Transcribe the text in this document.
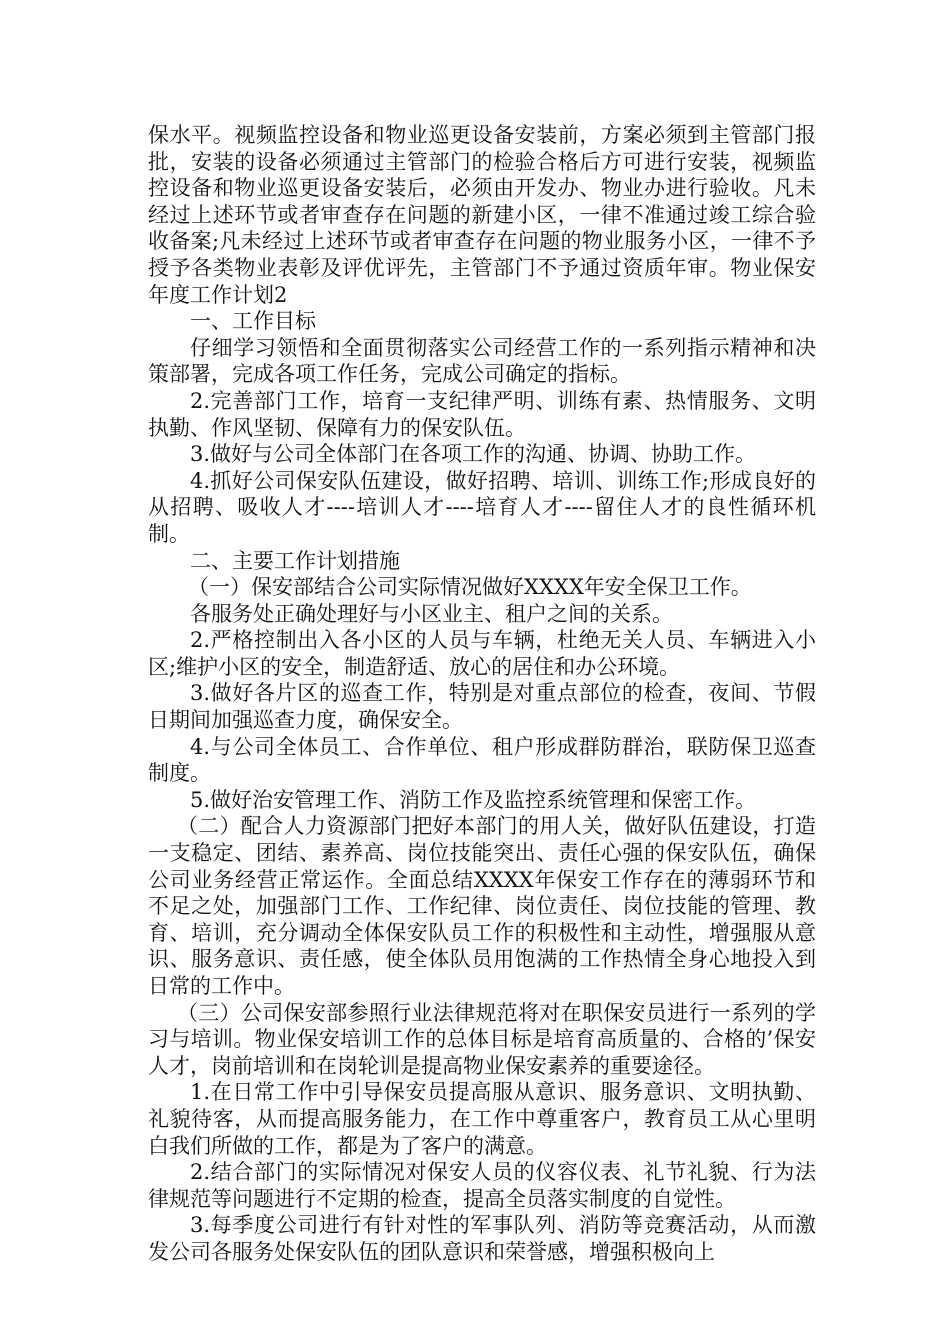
保水平。视频监控设备和物业巡更设备安装前，方案必须到主管部门报批，安装的设备必须通过主管部门的检验合格后方可进行安装，视频监控设备和物业巡更设备安装后，必须由开发办、物业办进行验收。凡未经过上述环节或者审查存在问题的新建小区，一律不准通过竣工综合验收备案;凡未经过上述环节或者审查存在问题的物业服务小区，一律不予授予各类物业表彰及评优评先，主管部门不予通过资质年审。物业保安年度工作计划2

一、工作目标

仔细学习领悟和全面贯彻落实公司经营工作的一系列指示精神和决策部署，完成各项工作任务，完成公司确定的指标。

2.完善部门工作，培育一支纪律严明、训练有素、热情服务、文明执勤、作风坚韧、保障有力的保安队伍。

3.做好与公司全体部门在各项工作的沟通、协调、协助工作。

4.抓好公司保安队伍建设，做好招聘、培训、训练工作;形成良好的从招聘、吸收人才----培训人才----培育人才----留住人才的良性循环机制。

二、主要工作计划措施

（一）保安部结合公司实际情况做好XXXX年安全保卫工作。

各服务处正确处理好与小区业主、租户之间的关系。

2.严格控制出入各小区的人员与车辆，杜绝无关人员、车辆进入小区;维护小区的安全，制造舒适、放心的居住和办公环境。

3.做好各片区的巡查工作，特别是对重点部位的检查，夜间、节假日期间加强巡查力度，确保安全。

4.与公司全体员工、合作单位、租户形成群防群治，联防保卫巡查制度。

5.做好治安管理工作、消防工作及监控系统管理和保密工作。

（二）配合人力资源部门把好本部门的用人关，做好队伍建设，打造一支稳定、团结、素养高、岗位技能突出、责任心强的保安队伍，确保公司业务经营正常运作。全面总结XXXX年保安工作存在的薄弱环节和不足之处，加强部门工作、工作纪律、岗位责任、岗位技能的管理、教育、培训，充分调动全体保安队员工作的积极性和主动性，增强服从意识、服务意识、责任感，使全体队员用饱满的工作热情全身心地投入到日常的工作中。

（三）公司保安部参照行业法律规范将对在职保安员进行一系列的学习与培训。物业保安培训工作的总体目标是培育高质量的、合格的’保安人才，岗前培训和在岗轮训是提高物业保安素养的重要途径。

1.在日常工作中引导保安员提高服从意识、服务意识、文明执勤、礼貌待客，从而提高服务能力，在工作中尊重客户，教育员工从心里明白我们所做的工作，都是为了客户的满意。

2.结合部门的实际情况对保安人员的仪容仪表、礼节礼貌、行为法律规范等问题进行不定期的检查，提高全员落实制度的自觉性。

3.每季度公司进行有针对性的军事队列、消防等竞赛活动，从而激发公司各服务处保安队伍的团队意识和荣誉感，增强积极向上
